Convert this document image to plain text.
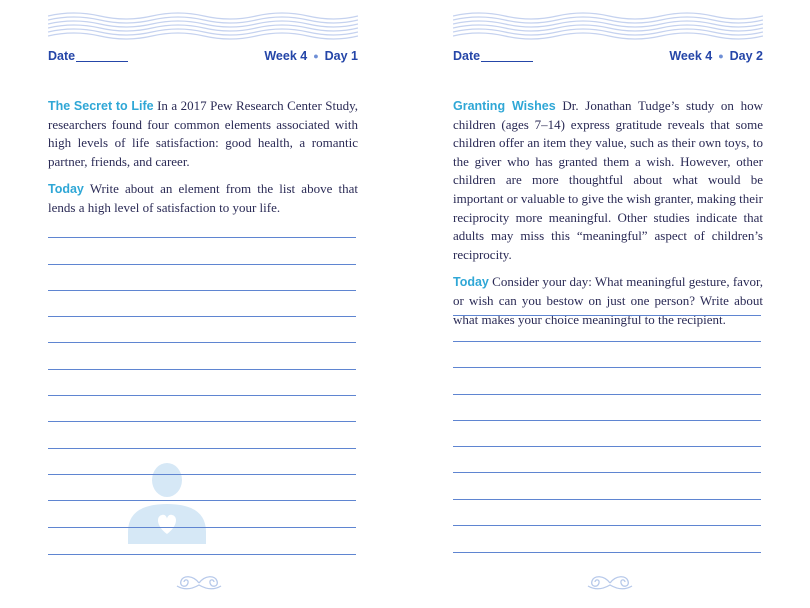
Date	Week 4 ● Day 1

The Secret to Life In a 2017 Pew Research Center Study, researchers found four common elements associated with high levels of life satisfaction: good health, a romantic partner, friends, and career.

Today Write about an element from the list above that lends a high level of satisfaction to your life.

Date	Week 4 ● Day 2

Granting Wishes Dr. Jonathan Tudge’s study on how children (ages 7–14) express gratitude reveals that some children offer an item they value, such as their own toys, to the giver who has granted them a wish. However, other children are more thoughtful about what would be important or valuable to give the wish granter, making their reciprocity more meaningful. Other studies indicate that adults may miss this “meaningful” aspect of children’s reciprocity.

Today Consider your day: What meaningful gesture, favor, or wish can you bestow on just one person? Write about what makes your choice meaningful to the recipient.
